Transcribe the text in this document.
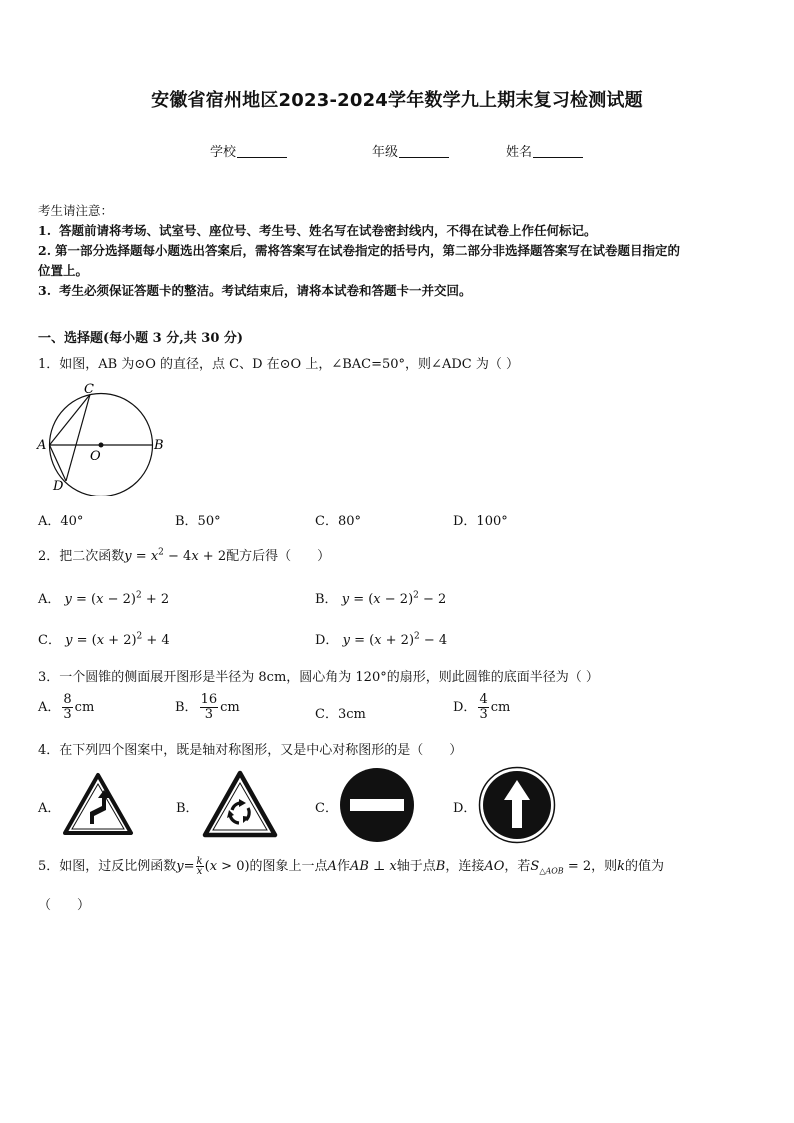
安徽省宿州地区2023-2024学年数学九上期末复习检测试题
学校	年级	姓名
考生请注意：
1. 答题前请将考场、试室号、座位号、考生号、姓名写在试卷密封线内，不得在试卷上作任何标记。
2. 第一部分选择题每小题选出答案后，需将答案写在试卷指定的括号内，第二部分非选择题答案写在试卷题目指定的
位置上。
3. 考生必须保证答题卡的整洁。考试结束后，请将本试卷和答题卡一并交回。
一、选择题(每小题 3 分,共 30 分)
1．如图，AB 为⊙O 的直径，点 C、D 在⊙O 上，∠BAC=50°，则∠ADC 为（ ）
A	B
C
D
O
A．40°	B．50°	C．80°	D．100°
2．把二次函数$y = x^2 - 4x + 2$配方后得（　　）
A． $y = (x - 2)^2 + 2$	B． $y = (x - 2)^2 - 2$
C． $y = (x + 2)^2 + 4$	D． $y = (x + 2)^2 - 4$
3．一个圆锥的侧面展开图形是半径为 8cm，圆心角为 120°的扇形，则此圆锥的底面半径为（ ）
A． $\frac{8}{3}$ cm	B． $\frac{16}{3}$ cm	C．3cm	D． $\frac{4}{3}$ cm
4．在下列四个图案中，既是轴对称图形，又是中心对称图形的是（　　）
A．	B．	C．	D．
5．如图，过反比例函数$y= \frac{k}{x} (x > 0)$的图象上一点A作AB ⊥ x轴于点B，连接AO，若$S_{\triangle AOB} = 2$，则k的值为
（　　）
